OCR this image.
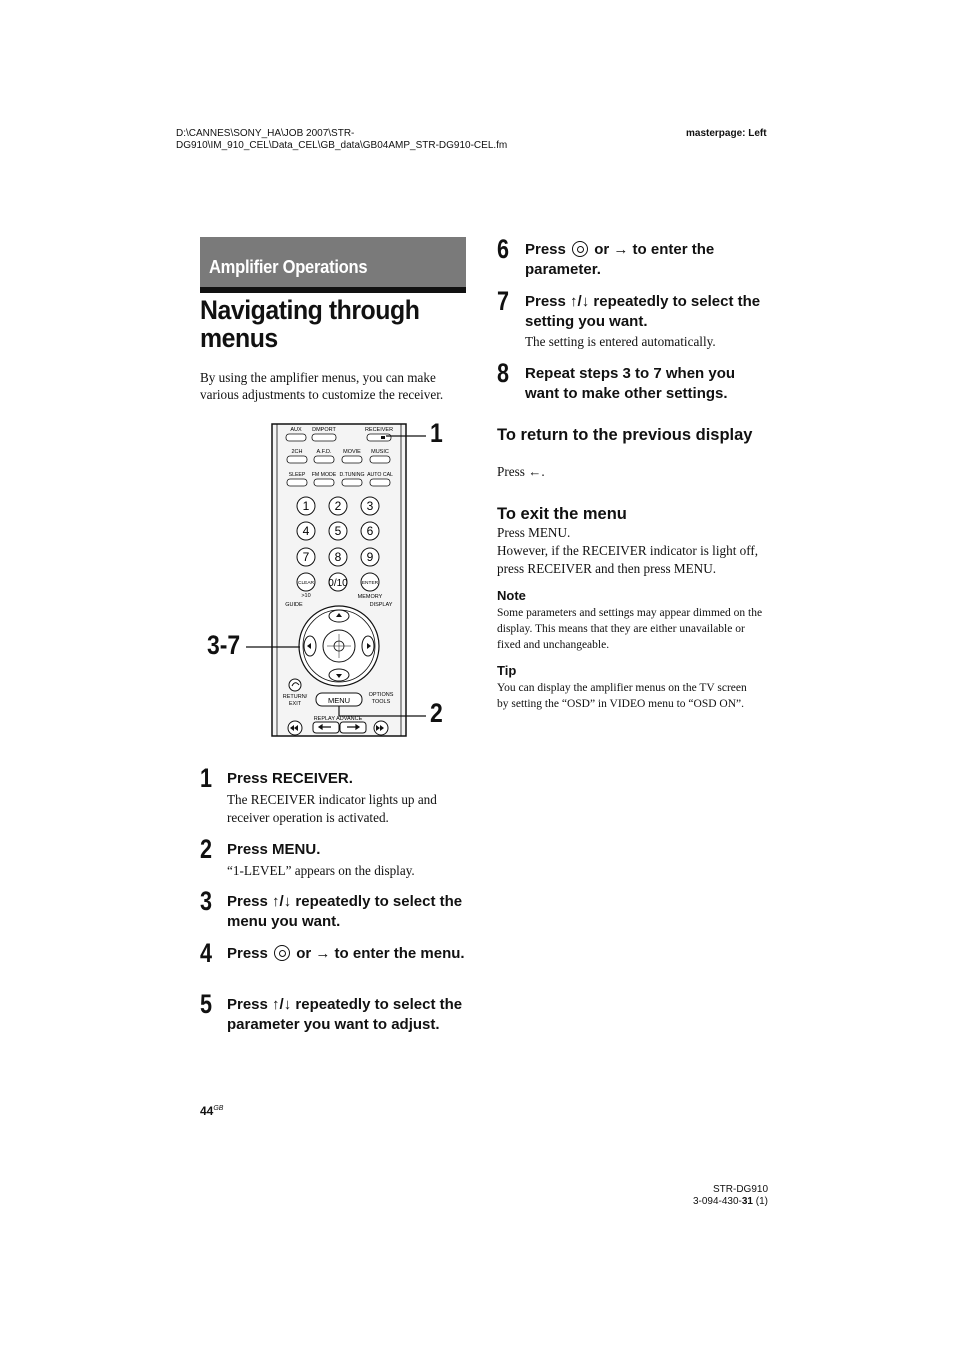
D:\CANNES\SONY_HA\JOB 2007\STR-
DG910\IM_910_CEL\Data_CEL\GB_data\GB04AMP_STR-DG910-CEL.fm
masterpage: Left
Amplifier Operations
Navigating through
menus
By using the amplifier menus, you can make various adjustments to customize the receiver.
AUX DMPORT	RECEIVER
2CH	A.F.D. MOVIE MUSIC
SLEEP FM MODE D.TUNING AUTO CAL
1 2 3
4 5 6
7 8 9
CLEAR 0/10	ENTER
>10	MEMORY
GUIDE	DISPLAY
RETURN/
EXIT	MENU
OPTIONS
TOOLS
REPLAY ADVANCE
1
3-7
2
1 Press RECEIVER.
The RECEIVER indicator lights up and receiver operation is activated.
2 Press MENU.
“1-LEVEL” appears on the display.
3 Press ↑/↓ repeatedly to select the menu you want.
4 Press  or → to enter the menu.
5 Press ↑/↓ repeatedly to select the parameter you want to adjust.
6 Press  or → to enter the parameter.
7 Press ↑/↓ repeatedly to select the setting you want.
The setting is entered automatically.
8 Repeat steps 3 to 7 when you want to make other settings.
To return to the previous display
Press ←.
To exit the menu
Press MENU.
However, if the RECEIVER indicator is light off, press RECEIVER and then press MENU.
Note
Some parameters and settings may appear dimmed on the display. This means that they are either unavailable or fixed and unchangeable.
Tip
You can display the amplifier menus on the TV screen by setting the “OSD” in VIDEO menu to “OSD ON”.
$44^{GB}$
STR-DG910
3-094-430-31 (1)
